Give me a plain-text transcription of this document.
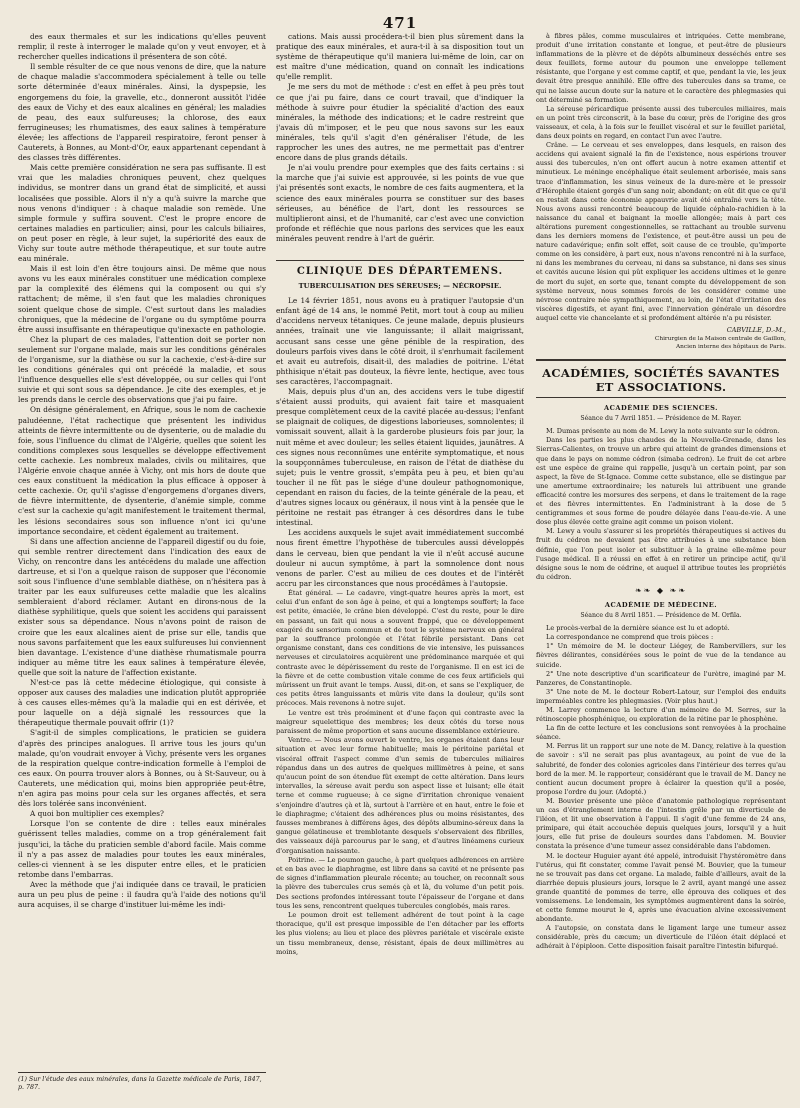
471

des eaux thermales et sur les indications qu'elles peuvent remplir, il reste à interroger le malade qu'on y veut envoyer, et à rechercher quelles indications il présentera de son côté.

Il semble résulter de ce que nous venons de dire, que la nature de chaque maladie s'accommodera spécialement à telle ou telle sorte déterminée d'eaux minérales. Ainsi, la dyspepsie, les engorgemens du foie, la gravelle, etc., donneront aussitôt l'idée des eaux de Vichy et des eaux alcalines en général; les maladies de peau, des eaux sulfureuses; la chlorose, des eaux ferrugineuses; les rhumatismes, des eaux salines à température élevée; les affections de l'appareil respiratoire, feront penser à Cauterets, à Bonnes, au Mont-d'Or, eaux appartenant cependant à des classes très différentes.

Mais cette première considération ne sera pas suffisante. Il est vrai que les maladies chroniques peuvent, chez quelques individus, se montrer dans un grand état de simplicité, et aussi localisées que possible. Alors il n'y a qu'à suivre la marche que nous venons d'indiquer : à chaque maladie son remède. Une simple formule y suffira souvent. C'est le propre encore de certaines maladies en particulier; ainsi, pour les calculs biliaires, on peut poser en règle, à leur sujet, la supériorité des eaux de Vichy sur toute autre méthode thérapeutique, et sur toute autre eau minérale.

Mais il est loin d'en être toujours ainsi. De même que nous avons vu les eaux minérales constituer une médication complexe par la complexité des élémens qui la composent ou qui s'y rattachent; de même, il s'en faut que les maladies chroniques soient quelque chose de simple. C'est surtout dans les maladies chroniques, que la médecine de l'organe ou du symptôme pourra être aussi insuffisante en thérapeutique qu'inexacte en pathologie.

Chez la plupart de ces malades, l'attention doit se porter non seulement sur l'organe malade, mais sur les conditions générales de l'organisme, sur la diathèse ou sur la cachexie, c'est-à-dire sur les conditions générales qui ont précédé la maladie, et sous l'influence desquelles elle s'est développée, ou sur celles qui l'ont suivie et qui sont sous sa dépendance. Je cite des exemples, et je les prends dans le cercle des observations que j'ai pu faire.

On désigne généralement, en Afrique, sous le nom de cachexie paludéenne, l'état rachectique que présentent les individus atteints de fièvre intermittente ou de dysenterie, ou de maladie du foie, sous l'influence du climat de l'Algérie, quelles que soient les conditions complexes sous lesquelles se développe effectivement cette cachexie. Les nombreux malades, civils ou militaires, que l'Algérie envoie chaque année à Vichy, ont mis hors de doute que ces eaux constituent la médication la plus efficace à opposer à cette cachexie. Or, qu'il s'agisse d'engorgemens d'organes divers, de fièvre intermittente, de dysenterie, d'anémie simple, comme c'est sur la cachexie qu'agit manifestement le traitement thermal, les lésions secondaires sous son influence n'ont ici qu'une importance secondaire, et cèdent également au traitement.

Si dans une affection ancienne de l'appareil digestif ou du foie, qui semble rentrer directement dans l'indication des eaux de Vichy, on rencontre dans les antécédens du malade une affection dartreuse, et si l'on a quelque raison de supposer que l'économie soit sous l'influence d'une semblable diathèse, on n'hésitera pas à traiter par les eaux sulfureuses cette maladie que les alcalins sembleraient d'abord réclamer. Autant en dirons-nous de la diathèse syphilitique, quels que soient les accidens qui paraissent exister sous sa dépendance. Nous n'avons point de raison de croire que les eaux alcalines aient de prise sur elle, tandis que nous savons parfaitement que les eaux sulfureuses lui conviennent bien davantage. L'existence d'une diathèse rhumatismale pourra indiquer au même titre les eaux salines à température élevée, quelle que soit la nature de l'affection existante.

N'est-ce pas là cette médecine étiologique, qui consiste à opposer aux causes des maladies une indication plutôt appropriée à ces causes elles-mêmes qu'à la maladie qui en est dérivée, et pour laquelle on a déjà signalé les ressources que la thérapeutique thermale pouvait offrir (1)?

S'agit-il de simples complications, le praticien se guidera d'après des principes analogues. Il arrive tous les jours qu'un malade, qu'on voudrait envoyer à Vichy, présente vers les organes de la respiration quelque contre-indication formelle à l'emploi de ces eaux. On pourra trouver alors à Bonnes, ou à St-Sauveur, ou à Cauterets, une médication qui, moins bien appropriée peut-être, n'en agira pas moins pour cela sur les organes affectés, et sera dès lors tolérée sans inconvénient.

A quoi bon multiplier ces exemples?

Lorsque l'on se contente de dire : telles eaux minérales guérissent telles maladies, comme on a trop généralement fait jusqu'ici, la tâche du praticien semble d'abord facile. Mais comme il n'y a pas assez de maladies pour toutes les eaux minérales, celles-ci viennent à se les disputer entre elles, et le praticien retombe dans l'embarras.

Avec la méthode que j'ai indiquée dans ce travail, le praticien aura un peu plus de peine : il faudra qu'à l'aide des notions qu'il aura acquises, il se charge d'instituer lui-même les indi-

(1) Sur l'étude des eaux minérales, dans la Gazette médicale de Paris, 1847, p. 787.

cations. Mais aussi procédera-t-il bien plus sûrement dans la pratique des eaux minérales, et aura-t-il à sa disposition tout un système de thérapeutique qu'il maniera lui-même de loin, car on est maître d'une médication, quand on connaît les indications qu'elle remplit.

Je me sers du mot de méthode : c'est en effet à peu près tout ce que j'ai pu faire, dans ce court travail, que d'indiquer la méthode à suivre pour étudier la spécialité d'action des eaux minérales, la méthode des indications; et le cadre restreint que j'avais dû m'imposer, et le peu que nous savons sur les eaux minérales, tels qu'il s'agit d'en généraliser l'étude, de les rapprocher les unes des autres, ne me permettait pas d'entrer encore dans de plus grands détails.

Je n'ai voulu prendre pour exemples que des faits certains : si la marche que j'ai suivie est approuvée, si les points de vue que j'ai présentés sont exacts, le nombre de ces faits augmentera, et la science des eaux minérales pourra se constituer sur des bases sérieuses, au bénéfice de l'art, dont les ressources se multiplieront ainsi, et de l'humanité, car c'est avec une conviction profonde et réfléchie que nous parlons des services que les eaux minérales peuvent rendre à l'art de guérir.

CLINIQUE DES DÉPARTEMENS.
TUBERCULISATION DES SÉREUSES; — NÉCROPSIE.

Le 14 février 1851, nous avons eu à pratiquer l'autopsie d'un enfant âgé de 14 ans, le nommé Petit, mort tout à coup au milieu d'accidens nerveux tétaniques. Ce jeune malade, depuis plusieurs années, traînait une vie languissante; il allait maigrissant, accusant sans cesse une gêne pénible de la respiration, des douleurs parfois vives dans le côté droit, il s'enrhumait facilement et avait eu autrefois, disait-il, des maladies de poitrine. L'état phthisique n'était pas douteux, la fièvre lente, hectique, avec tous ses caractères, l'accompagnait.

Mais, depuis plus d'un an, des accidens vers le tube digestif s'étaient aussi produits, qui avaient fait taire et masquaient presque complètement ceux de la cavité placée au-dessus; l'enfant se plaignait de coliques, de digestions laborieuses, somnolentes; il vomissait souvent, allait à la garderobe plusieurs fois par jour, la nuit même et avec douleur; les selles étaient liquides, jaunâtres. A ces signes nous reconnûmes une entérite symptomatique, et nous la soupçonnâmes tuberculeuse, en raison de l'état de diathèse du sujet; puis le ventre grossit, s'empâta peu à peu, et bien qu'au toucher il ne fût pas le siége d'une douleur pathognomonique, cependant en raison du facies, de la teinte générale de la peau, et d'autres signes locaux ou généraux, il nous vint à la pensée que le péritoine ne restait pas étranger à ces désordres dans le tube intestinal.

Les accidens auxquels le sujet avait immédiatement succombé nous firent émettre l'hypothèse de tubercules aussi développés dans le cerveau, bien que pendant la vie il n'eût accusé aucune douleur ni aucun symptôme, à part la somnolence dont nous venons de parler. C'est au milieu de ces doutes et de l'intérêt accru par les circonstances que nous procédâmes à l'autopsie.

État général. — Le cadavre, vingt-quatre heures après la mort, est celui d'un enfant de son âge à peine, et qui a longtemps souffert; la face est petite, émaciée, le crâne bien développé. C'est du reste, pour le dire en passant, un fait qui nous a souvent frappé, que ce développement exagéré du sensorium commun et de tout le système nerveux en général par la souffrance prolongée et l'état fébrile persistant. Dans cet organisme constant, dans ces conditions de vie intensive, les puissances nerveuses et circulatoires acquièrent une prédominance marquée et qui contraste avec le dépérissement du reste de l'organisme. Il en est ici de la fièvre et de cette combustion vitale comme de ces feux artificiels qui mûrissent un fruit avant le temps. Aussi, dit-on, et sans se l'expliquer, de ces petits êtres languissants et mûris vite dans la douleur, qu'ils sont précoces. Mais revenons à notre sujet.

Le ventre est très proéminent et d'une façon qui contraste avec la maigreur squelettique des membres; les deux côtés du torse nous paraissent de même proportion et sans aucune dissemblance extérieure.

Ventre. — Nous avons ouvert le ventre, les organes étaient dans leur situation et avec leur forme habituelle; mais le péritoine pariétal et viscéral offrait l'aspect comme d'un semis de tubercules miliaires répandus dans un des autres de quelques millimètres à peine, et sans qu'aucun point de son étendue fût exempt de cette altération. Dans leurs intervalles, la séreuse avait perdu son aspect lisse et luisant; elle était terne et comme rugueuse; à ce signe d'irritation chronique venaient s'enjoindre d'autres çà et là, surtout à l'arrière et en haut, entre le foie et le diaphragme; c'étaient des adhérences plus ou moins résistantes, des fausses membranes à différens âges, des dépôts albumino-séreux dans la gangue gélatineuse et tremblotante desquels s'observaient des fibrilles, des vaisseaux déjà parcourus par le sang, et d'autres linéamens curieux d'organisation naissante.

Poitrine. — Le poumon gauche, à part quelques adhérences en arrière et en bas avec le diaphragme, est libre dans sa cavité et ne présente pas de signes d'inflammation pleurale récente; au toucher, on reconnaît sous la plèvre des tubercules crus semés çà et là, du volume d'un petit pois. Des sections profondes intéressant toute l'épaisseur de l'organe et dans tous les sens, rencontrent quelques tubercules conglobés, mais rares.

Le poumon droit est tellement adhérent de tout point à la cage thoracique, qu'il est presque impossible de l'en détacher par les efforts les plus violens; au lieu et place des plèvres pariétale et viscérale existe un tissu membraneux, dense, résistant, épais de deux millimètres au moins,

à fibres pâles, comme musculaires et intriquées. Cette membrane, produit d'une irritation constante et longue, et peut-être de plusieurs inflammations de la plèvre et de dépôts albumineux desséchés entre ses deux feuillets, forme autour du poumon une enveloppe tellement résistante, que l'organe y est comme captif, et que, pendant la vie, les jeux devait être presque annihilé. Elle offre des tubercules dans sa trame, ce qui ne laisse aucun doute sur la nature et le caractère des phlegmasies qui ont déterminé sa formation.

La séreuse péricardique présente aussi des tubercules miliaires, mais en un point très circonscrit, à la base du cœur, près de l'origine des gros vaisseaux, et cela, à la fois sur le feuillet viscéral et sur le feuillet pariétal, dans deux points en regard, en contact l'un avec l'autre.

Crâne. — Le cerveau et ses enveloppes, dans lesquels, en raison des accidens qui avaient signalé la fin de l'existence, nous espérions trouver aussi des tubercules, n'en ont offert aucun à notre examen attentif et minutieux. Le méninge encéphalique était seulement arborisée, mais sans trace d'inflammation, les sinus veineux de la dure-mère et le pressoir d'Hérophile étaient gorgés d'un sang noir, abondant; on eût dit que ce qu'il en restait dans cette économie appauvrie avait été entraîné vers la tête. Nous avons aussi rencontré beaucoup de liquide céphalo-rachidien à la naissance du canal et baignant la moelle allongée; mais à part ces altérations purement congestionnelles, se rattachant au trouble survenu dans les derniers momens de l'existence, et peut-être aussi un peu de nature cadavérique; enfin solt effet, soit cause de ce trouble, qu'importe comme on les considère, à part eux, nous n'avons rencontré ni à la surface, ni dans les membranes du cerveau, ni dans sa substance, ni dans ses sinus et cavités aucune lésion qui pût expliquer les accidens ultimes et le genre de mort du sujet, en sorte que, tenant compte du développement de son système nerveux, nous sommes forcés de les considérer comme une névrose contraire née sympathiquement, au loin, de l'état d'irritation des viscères digestifs, et ayant fini, avec l'innervation générale un désordre auquel cette vie chancelante et si profondément altérée n'a pu résister.

CABVILLE, D.-M.,
Chirurgien de la Maison centrale de Gaillon,
Ancien interne des hôpitaux de Paris.
ACADÉMIES, SOCIÉTÉS SAVANTES ET ASSOCIATIONS.
ACADÉMIE DES SCIENCES.
Séance du 7 Avril 1851. — Présidence de M. Rayer.

M. Dumas présente au nom de M. Lewy la note suivante sur le cédron.

Dans les parties les plus chaudes de la Nouvelle-Grenade, dans les Sierras-Calientes, on trouve un arbre qui atteint de grandes dimensions et que dans le pays on nomme cédron (simaba cedron). Le fruit de cet arbre est une espèce de graine qui rappelle, jusqu'à un certain point, par son aspect, la fève de St-Ignace. Comme cette substance, elle se distingue par une amertume extraordinaire; les naturels lui attribuent une grande efficacité contre les morsures des serpens, et dans le traitement de la rage et des fièvres intermittentes. En l'administrant à la dose de 5 centigrammes et sous forme de poudre délayée dans l'eau-de-vie. A une dose plus élevée cette graine agit comme un poison violent.

M. Lewy a voulu s'assurer si les propriétés thérapeutiques si actives du fruit du cédron ne devaient pas être attribuées à une substance bien définie, que l'on peut isoler et substituer à la graine elle-même pour l'usage médical. Il a réussi en effet à en retirer un principe actif, qu'il désigne sous le nom de cédrine, et auquel il attribue toutes les propriétés du cédron.

❧❧ ◆ ❧❧
ACADÉMIE DE MÉDECINE.
Séance du 8 Avril 1851. — Présidence de M. Orfila.

Le procès-verbal de la dernière séance est lu et adopté.

La correspondance ne comprend que trois pièces :

1° Un mémoire de M. le docteur Liégey, de Rambervillers, sur les fièvres délirantes, considérées sous le point de vue de la tendance au suicide.

2° Une note descriptive d'un scarificateur de l'urètre, imaginé par M. Panzeres, de Constantinople.

3° Une note de M. le docteur Robert-Latour, sur l'emploi des enduits imperméables contre les phlegmasies. (Voir plus haut.)

M. Larrey commence la lecture d'un mémoire de M. Serres, sur la rétinoscopie phosphénique, ou exploration de la rétine par le phosphène.

La fin de cette lecture et les conclusions sont renvoyées à la prochaine séance.

M. Ferrus lit un rapport sur une note de M. Dancy, relative à la question de savoir : s'il ne serait pas plus avantageux, au point de vue de la salubrité, de fonder des colonies agricoles dans l'intérieur des terres qu'au bord de la mer. M. le rapporteur, considérant que le travail de M. Dancy ne contient aucun document propre à éclairer la question qu'il a posée, propose l'ordre du jour. (Adopté.)

M. Bouvier présente une pièce d'anatomie pathologique représentant un cas d'étranglement interne de l'intestin grêle par un diverticule de l'iléon, et lit une observation à l'appui. Il s'agit d'une femme de 24 ans, primipare, qui était accouchée depuis quelques jours, lorsqu'il y a huit jours, elle fut prise de douleurs sourdes dans l'abdomen. M. Bouvier constata la présence d'une tumeur assez considérable dans l'abdomen.

M. le docteur Huguier ayant été appelé, introduisit l'hystéromètre dans l'utérus, qui fit constater, comme l'avait pensé M. Bouvier, que la tumeur ne se trouvait pas dans cet organe. La malade, faible d'ailleurs, avait de la diarrhée depuis plusieurs jours, lorsque le 2 avril, ayant mangé une assez grande quantité de pommes de terre, elle éprouva des coliques et des vomissemens. Le lendemain, les symptômes augmentèrent dans la soirée, et cette femme mourut le 4, après une évacuation alvine excessivement abondante.

A l'autopsie, on constata dans le ligament large une tumeur assez considérable, près du cæcum; un diverticule de l'iléon était déplacé et adhérait à l'épiploon. Cette disposition faisait paraître l'intestin bifurqué.
